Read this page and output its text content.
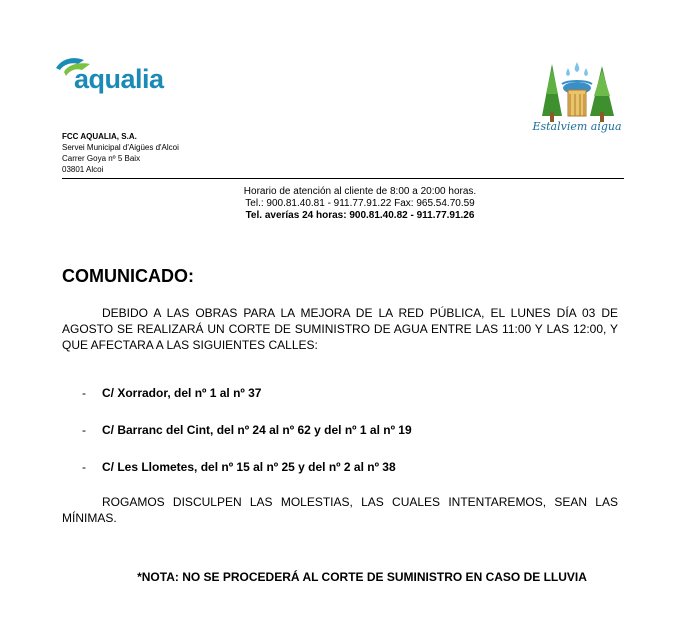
aqualia
Estalviem aigua
FCC AQUALIA, S.A.
Servei Municipal d'Aigües d'Alcoi
Carrer Goya nº 5 Baix
03801 Alcoi
Horario de atención al cliente de 8:00 a 20:00 horas.
Tel.: 900.81.40.81 - 911.77.91.22 Fax: 965.54.70.59
Tel. averías 24 horas: 900.81.40.82 - 911.77.91.26
COMUNICADO:
DEBIDO A LAS OBRAS PARA LA MEJORA DE LA RED PÚBLICA, EL LUNES DÍA 03 DE AGOSTO SE REALIZARÁ UN CORTE DE SUMINISTRO DE AGUA ENTRE LAS 11:00 Y LAS 12:00, Y QUE AFECTARA A LAS SIGUIENTES CALLES:
- C/ Xorrador, del nº 1 al nº 37
- C/ Barranc del Cint, del nº 24 al nº 62 y del nº 1 al nº 19
- C/ Les Llometes, del nº 15 al nº 25 y del nº 2 al nº 38
ROGAMOS DISCULPEN LAS MOLESTIAS, LAS CUALES INTENTAREMOS, SEAN LAS MÍNIMAS.
*NOTA: NO SE PROCEDERÁ AL CORTE DE SUMINISTRO EN CASO DE LLUVIA
